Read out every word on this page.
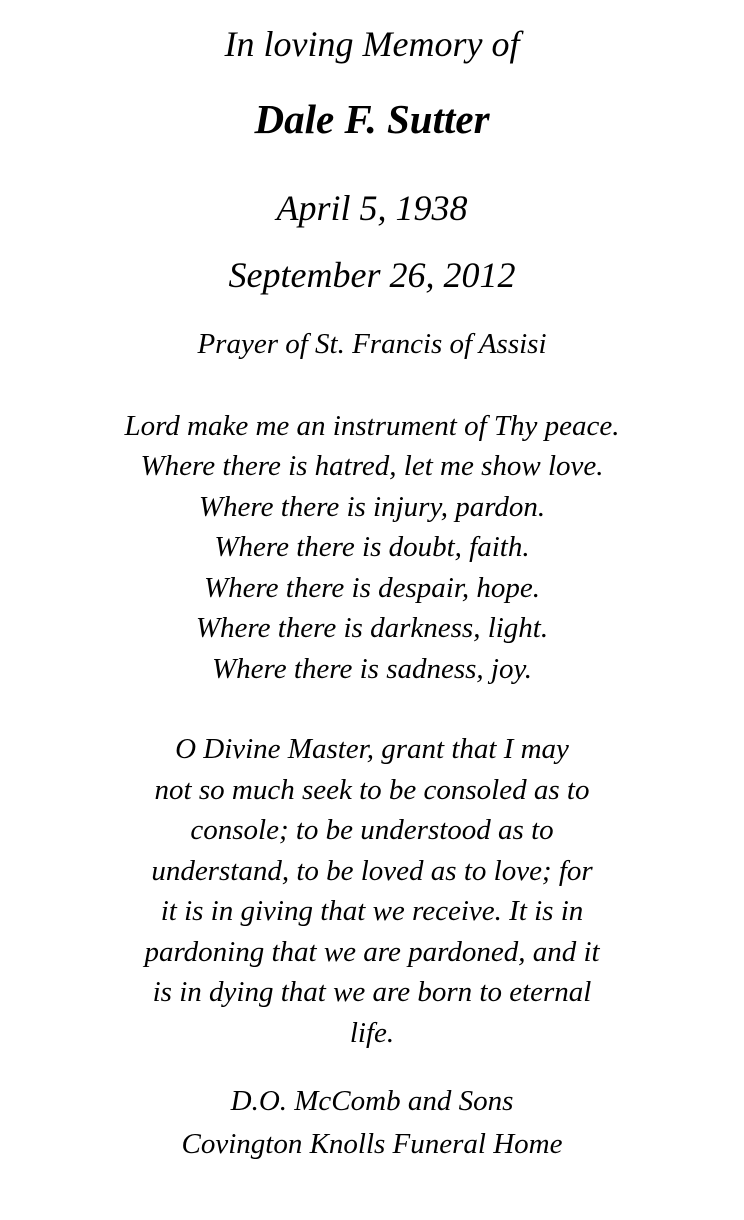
In loving Memory of
Dale F. Sutter
April 5, 1938
September 26, 2012
Prayer of St. Francis of Assisi
Lord make me an instrument of Thy peace.
Where there is hatred, let me show love.
Where there is injury, pardon.
Where there is doubt, faith.
Where there is despair, hope.
Where there is darkness, light.
Where there is sadness, joy.
O Divine Master, grant that I may
not so much seek to be consoled as to
console; to be understood as to
understand, to be loved as to love; for
it is in giving that we receive. It is in
pardoning that we are pardoned, and it
is in dying that we are born to eternal
life.
D.O. McComb and Sons
Covington Knolls Funeral Home
